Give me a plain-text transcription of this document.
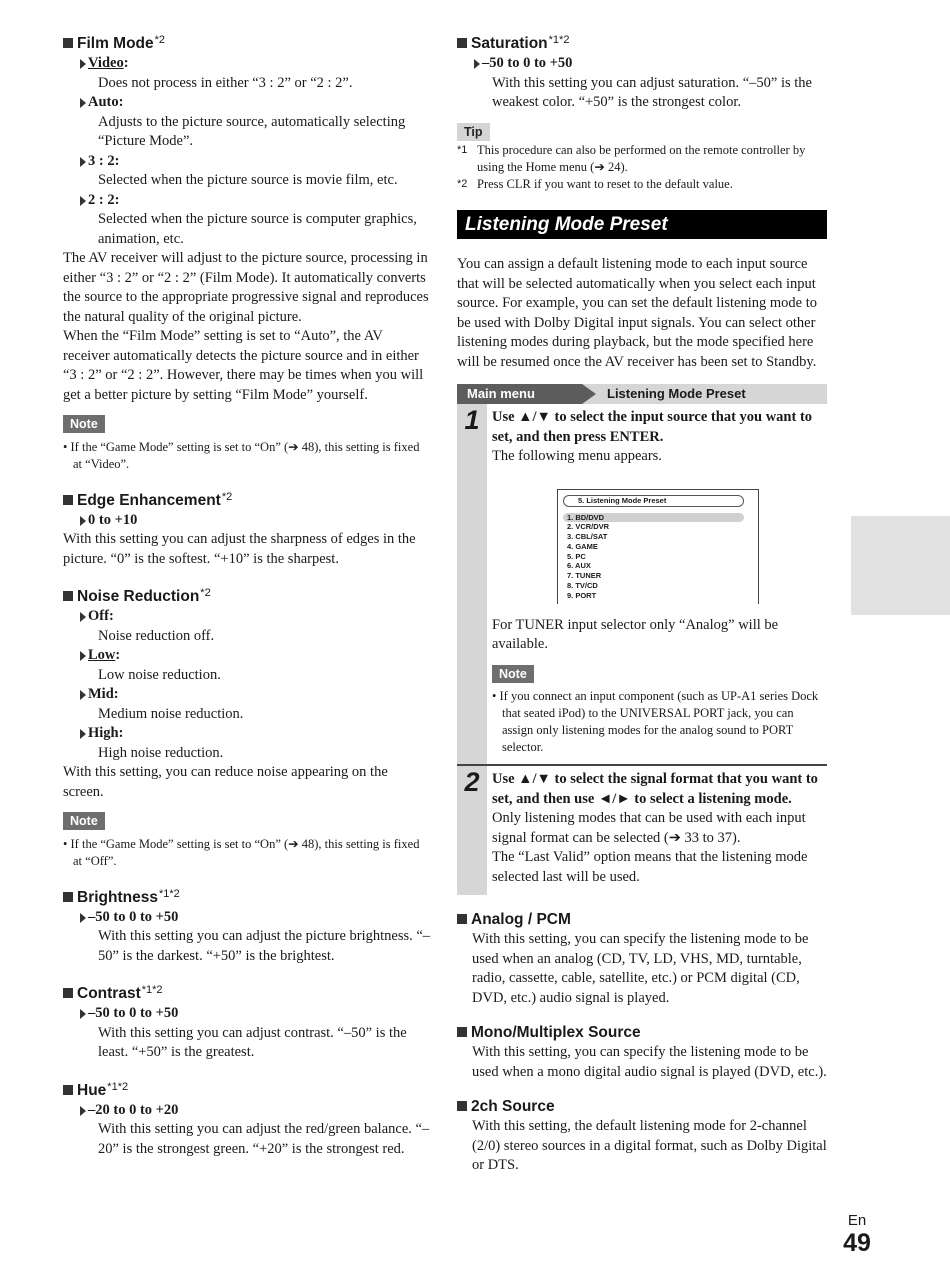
Film Mode$^{*2}$
Video:
Does not process in either “3 : 2” or “2 : 2”.
Auto:
Adjusts to the picture source, automatically selecting “Picture Mode”.
3 : 2:
Selected when the picture source is movie film, etc.
2 : 2:
Selected when the picture source is computer graphics, animation, etc.

The AV receiver will adjust to the picture source, processing in either “3 : 2” or “2 : 2” (Film Mode). It automatically converts the source to the appropriate progressive signal and reproduces the natural quality of the original picture.

When the “Film Mode” setting is set to “Auto”, the AV receiver automatically detects the picture source and in either “3 : 2” or “2 : 2”. However, there may be times when you will get a better picture by setting “Film Mode” yourself.

Note
• If the “Game Mode” setting is set to “On” (➔ 48), this setting is fixed at “Video”.
Edge Enhancement$^{*2}$
0 to +10

With this setting you can adjust the sharpness of edges in the picture. “0” is the softest. “+10” is the sharpest.

Noise Reduction$^{*2}$
Off:
Noise reduction off.
Low:
Low noise reduction.
Mid:
Medium noise reduction.
High:
High noise reduction.

With this setting, you can reduce noise appearing on the screen.

Note
• If the “Game Mode” setting is set to “On” (➔ 48), this setting is fixed at “Off”.
Brightness$^{*1*2}$
–50 to 0 to +50
With this setting you can adjust the picture brightness. “–50” is the darkest. “+50” is the brightest.
Contrast$^{*1*2}$
–50 to 0 to +50
With this setting you can adjust contrast. “–50” is the least. “+50” is the greatest.
Hue$^{*1*2}$
–20 to 0 to +20
With this setting you can adjust the red/green balance. “–20” is the strongest green. “+20” is the strongest red.
Saturation$^{*1*2}$
–50 to 0 to +50
With this setting you can adjust saturation. “–50” is the weakest color. “+50” is the strongest color.
Tip
*1 This procedure can also be performed on the remote controller by using the Home menu (➔ 24).
*2 Press CLR if you want to reset to the default value.
Listening Mode Preset

You can assign a default listening mode to each input source that will be selected automatically when you select each input source. For example, you can set the default listening mode to be used with Dolby Digital input signals. You can select other listening modes during playback, but the mode specified here will be resumed once the AV receiver has been set to Standby.

Main menu	Listening Mode Preset
1 Use ▲/▼ to select the input source that you want to set, and then press ENTER.
The following menu appears.
5. Listening Mode Preset
1. BD/DVD
2. VCR/DVR
3. CBL/SAT
4. GAME
5. PC
6. AUX
7. TUNER
8. TV/CD
9. PORT
For TUNER input selector only “Analog” will be available.
Note
• If you connect an input component (such as UP-A1 series Dock that seated iPod) to the UNIVERSAL PORT jack, you can assign only listening modes for the analog sound to PORT selector.
2 Use ▲/▼ to select the signal format that you want to set, and then use ◄/► to select a listening mode.
Only listening modes that can be used with each input signal format can be selected (➔ 33 to 37).
The “Last Valid” option means that the listening mode selected last will be used.
Analog / PCM
With this setting, you can specify the listening mode to be used when an analog (CD, TV, LD, VHS, MD, turntable, radio, cassette, cable, satellite, etc.) or PCM digital (CD, DVD, etc.) audio signal is played.
Mono/Multiplex Source
With this setting, you can specify the listening mode to be used when a mono digital audio signal is played (DVD, etc.).
2ch Source
With this setting, the default listening mode for 2-channel (2/0) stereo sources in a digital format, such as Dolby Digital or DTS.
En
49
